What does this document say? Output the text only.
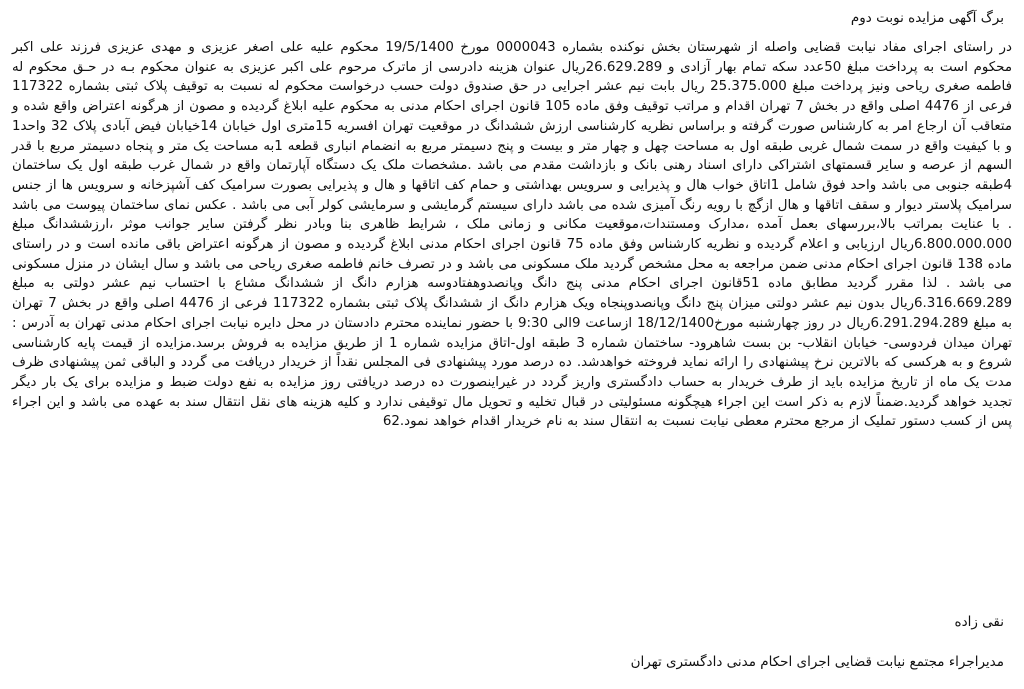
برگ آگهی مزایده نوبت دوم

در راستای اجرای مفاد نیابت قضایی واصله از شهرستان بخش نوکنده بشماره 0000043 مورخ 19/5/1400 محکوم علیه علی اصغر عزیزی و مهدی عزیزی فرزند علی اکبر محکوم است به پرداخت مبلغ 50عدد سکه تمام بهار آزادی و 26.629.289ریال عنوان هزینه دادرسی از ماترک مرحوم علی اکبر عزیزی به عنوان محکوم بـه در حـق محکوم له فاطمه صغری ریاحی ونیز پرداخت مبلغ 25.375.000 ریال بابت نیم عشر اجرایی در حق صندوق دولت حسب درخواست محکوم له نسبت به توقیف پلاک ثبتی بشماره 117322 فرعی از 4476 اصلی واقع در بخش 7 تهران اقدام و مراتب توقیف وفق ماده 105 قانون اجرای احکام مدنی به محکوم علیه ابلاغ گردیده و مصون از هرگونه اعتراض واقع شده و متعاقب آن ارجاع امر به کارشناس صورت گرفته و براساس نظریه کارشناسی ارزش ششدانگ در موقعیت تهران افسریه 15متری اول خیابان 14خیابان فیض آبادی پلاک 32 واحد1 و با کیفیت واقع در سمت شمال غربی طبقه اول به مساحت چهل و چهار متر و بیست و پنج دسیمتر مربع به انضمام انباری قطعه 1به مساحت یک متر و پنجاه دسیمتر مربع با قدر السهم از عرصه و سایر قسمتهای اشتراکی دارای اسناد رهنی بانک و بازداشت مقدم می باشد .مشخصات ملک یک دستگاه آپارتمان واقع در شمال غرب طبقه اول یک ساختمان 4طبقه جنوبی می باشد واحد فوق شامل 1اتاق خواب هال و پذیرایی و سرویس بهداشتی و حمام کف اتاقها و هال و پذیرایی بصورت سرامیک کف آشپزخانه و سرویس ها از جنس سرامیک پلاستر دیوار و سقف اتاقها و هال ازگچ با رویه رنگ آمیزی شده می باشد دارای سیستم گرمایشی و سرمایشی کولر آبی می باشد . عکس نمای ساختمان پیوست می باشد . با عنایت بمراتب بالا،بررسهای بعمل آمده ،مدارک ومستندات،موقعیت مکانی و زمانی ملک ، شرایط ظاهری بنا وبادر نظر گرفتن سایر جوانب موثر ،ارزششدانگ مبلغ 6.800.000.000ریال ارزیابی و اعلام گردیده و نظریه کارشناس وفق ماده 75 قانون اجرای احکام مدنی ابلاغ گردیده و مصون از هرگونه اعتراض باقی مانده است و در راستای ماده 138 قانون اجرای احکام مدنی ضمن مراجعه به محل مشخص گردید ملک مسکونی می باشد و در تصرف خانم فاطمه صغری ریاحی می باشد و سال ایشان در منزل مسکونی می باشد . لذا مقرر گردید مطابق ماده 51قانون اجرای احکام مدنی پنج دانگ وپانصدوهفتادوسه هزارم دانگ از ششدانگ مشاع با احتساب نیم عشر دولتی به مبلغ 6.316.669.289ریال بدون نیم عشر دولتی میزان پنج دانگ وپانصدوپنجاه ویک هزارم دانگ از ششدانگ پلاک ثبتی بشماره 117322 فرعی از 4476 اصلی واقع در بخش 7 تهران به مبلغ 6.291.294.289ریال در روز چهارشنبه مورخ18/12/1400 ازساعت 9الی 9:30 با حضور نماینده محترم دادستان در محل دایره نیابت اجرای احکام مدنی تهران به آدرس : تهران میدان فردوسی- خیابان انقلاب- بن بست شاهرود- ساختمان شماره 3 طبقه اول-اتاق مزایده شماره 1 از طریق مزایده به فروش برسد.مزایده از قیمت پایه کارشناسی شروع و به هرکسی که بالاترین نرخ پیشنهادی را ارائه نماید فروخته خواهدشد. ده درصد مورد پیشنهادی فی المجلس نقداً از خریدار دریافت می گردد و الباقی ثمن پیشنهادی ظرف مدت یک ماه از تاریخ مزایده باید از طرف خریدار به حساب دادگستری واریز گردد در غیراینصورت ده درصد دریافتی روز مزایده به نفع دولت ضبط و مزایده برای یک بار دیگر تجدید خواهد گردید.ضمناً لازم به ذکر است این اجراء هیچگونه مسئولیتی در قبال تخلیه و تحویل مال توقیفی ندارد و کلیه هزینه های نقل انتقال سند به عهده می باشد و این اجراء پس از کسب دستور تملیک از مرجع محترم معطی نیابت نسبت به انتقال سند به نام خریدار اقدام خواهد نمود.62

نقی زاده
مدیراجراء مجتمع نیابت قضایی اجرای احکام مدنی دادگستری تهران
